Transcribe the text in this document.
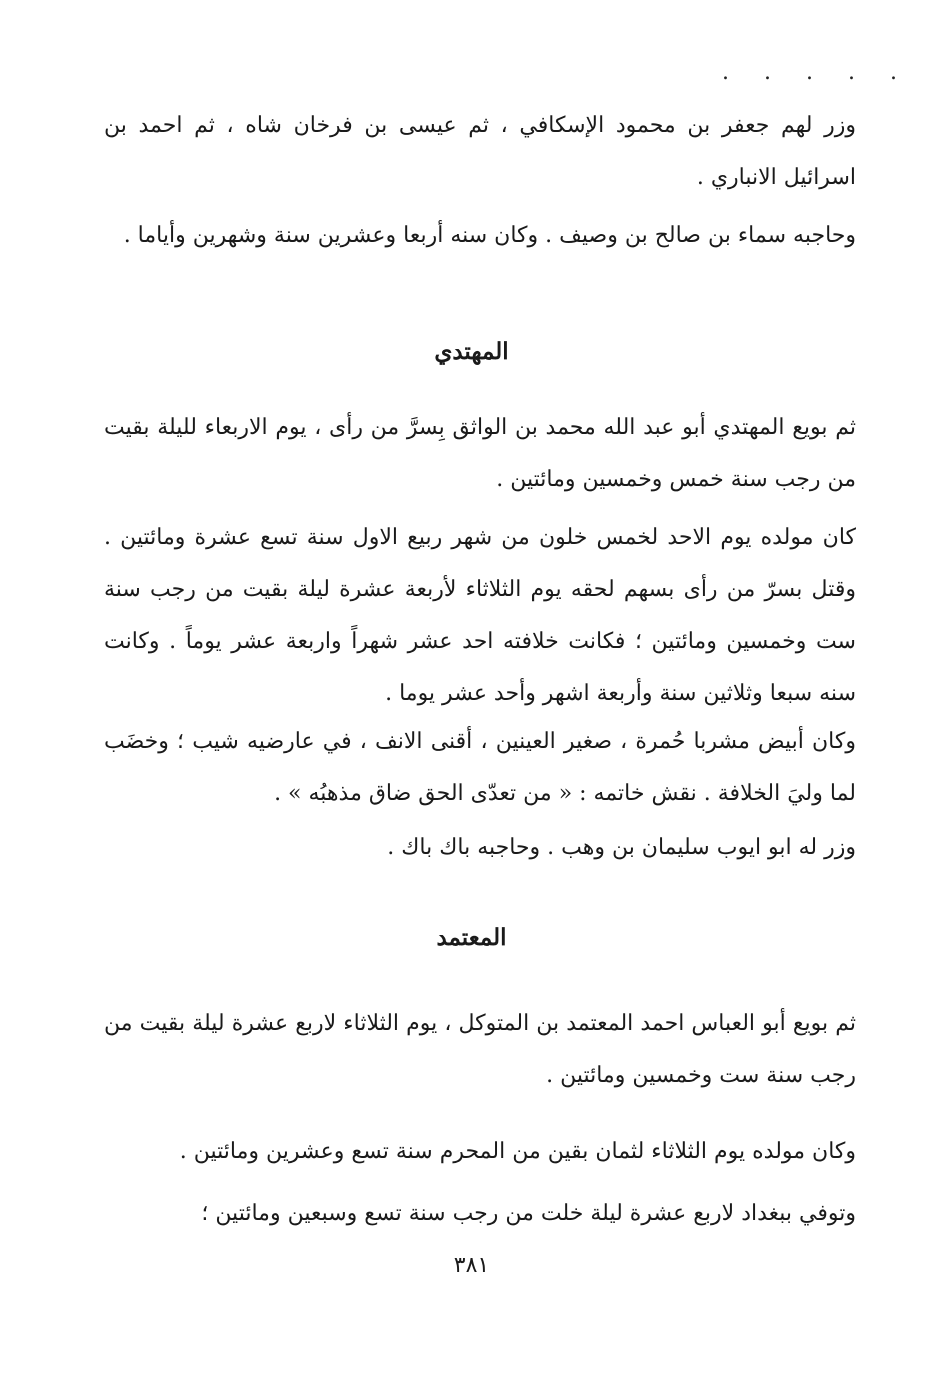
. . . . .

وزر لهم جعفر بن محمود الإسكافي ، ثم عيسى بن فرخان شاه ، ثم احمد بن اسرائيل الانباري .

وحاجبه سماء بن صالح بن وصيف . وكان سنه أربعا وعشرين سنة وشهرين وأياما .

المهتدي

ثم بويع المهتدي أبو عبد الله محمد بن الواثق بِسرَّ من رأى ، يوم الاربعاء لليلة بقيت من رجب سنة خمس وخمسين ومائتين .

كان مولده يوم الاحد لخمس خلون من شهر ربيع الاول سنة تسع عشرة ومائتين . وقتل بسرّ من رأى بسهم لحقه يوم الثلاثاء لأربعة عشرة ليلة بقيت من رجب سنة ست وخمسين ومائتين ؛ فكانت خلافته احد عشر شهراً واربعة عشر يوماً . وكانت سنه سبعا وثلاثين سنة وأربعة اشهر وأحد عشر يوما .

وكان أبيض مشربا حُمرة ، صغير العينين ، أقنى الانف ، في عارضيه شيب ؛ وخضَب لما وليَ الخلافة . نقش خاتمه : « من تعدّى الحق ضاق مذهبُه » .

وزر له ابو ايوب سليمان بن وهب . وحاجبه باك باك .

المعتمد

ثم بويع أبو العباس احمد المعتمد بن المتوكل ، يوم الثلاثاء لاربع عشرة ليلة بقيت من رجب سنة ست وخمسين ومائتين .

وكان مولده يوم الثلاثاء لثمان بقين من المحرم سنة تسع وعشرين ومائتين .

وتوفي ببغداد لاربع عشرة ليلة خلت من رجب سنة تسع وسبعين ومائتين ؛

٣٨١
